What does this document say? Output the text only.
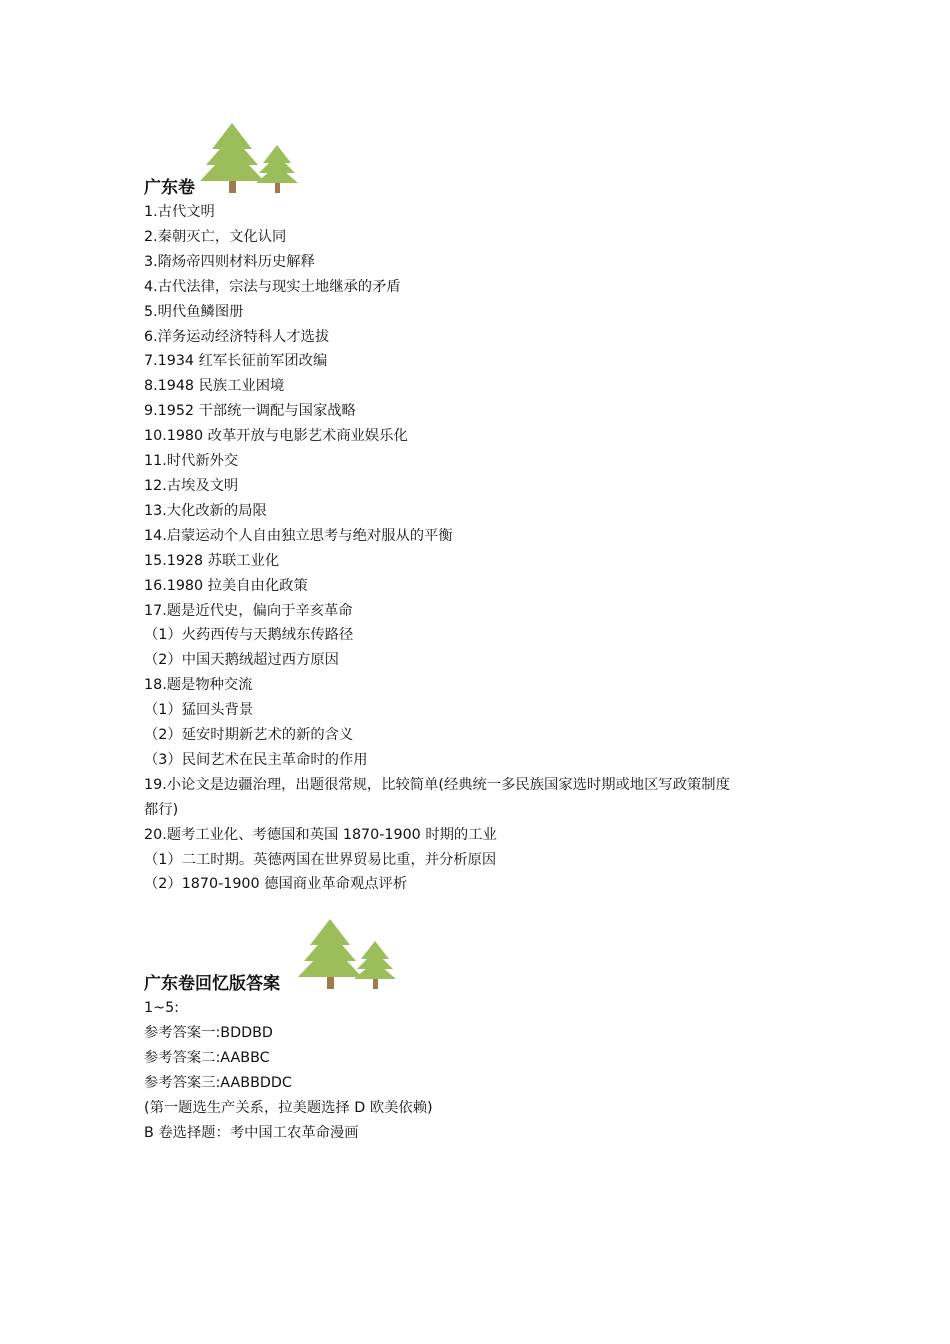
广东卷
1.古代文明
2.秦朝灭亡，文化认同
3.隋炀帝四则材料历史解释
4.古代法律，宗法与现实土地继承的矛盾
5.明代鱼鳞图册
6.洋务运动经济特科人才选拔
7.1934 红军长征前军团改编
8.1948 民族工业困境
9.1952 干部统一调配与国家战略
10.1980 改革开放与电影艺术商业娱乐化
11.时代新外交
12.古埃及文明
13.大化改新的局限
14.启蒙运动个人自由独立思考与绝对服从的平衡
15.1928 苏联工业化
16.1980 拉美自由化政策
17.题是近代史，偏向于辛亥革命
（1）火药西传与天鹅绒东传路径
（2）中国天鹅绒超过西方原因
18.题是物种交流
（1）猛回头背景
（2）延安时期新艺术的新的含义
（3）民间艺术在民主革命时的作用
19.小论文是边疆治理，出题很常规，比较简单(经典统一多民族国家选时期或地区写政策制度
都行)
20.题考工业化、考德国和英国 1870-1900 时期的工业
（1）二工时期。英德两国在世界贸易比重，并分析原因
（2）1870-1900 德国商业革命观点评析
广东卷回忆版答案
1~5:
参考答案一:BDDBD
参考答案二:AABBC
参考答案三:AABBDDC
(第一题选生产关系，拉美题选择 D 欧美依赖)
B 卷选择题：考中国工农革命漫画
